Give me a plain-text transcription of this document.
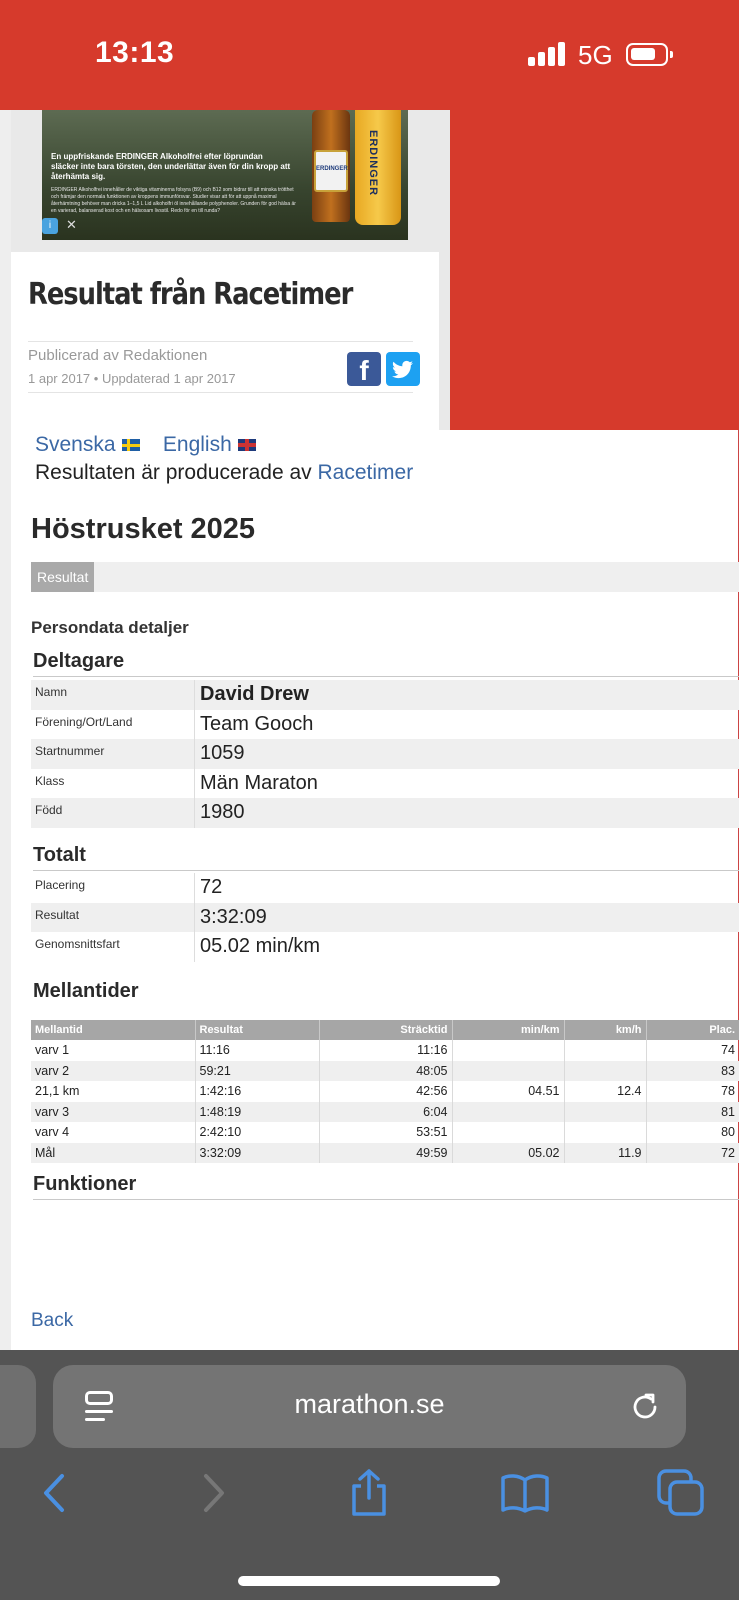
13:13	5G
En uppfriskande ERDINGER Alkoholfrei efter löprundan släcker inte bara törsten, den underlättar även för din kropp att återhämta sig.
ERDINGER Alkoholfrei innehåller de viktiga vitaminerna folsyra (B9) och B12 som bidrar till att minska trötthet och främjar den normala funktionen av kroppens immunförsvar. Studier visar att för att uppnå maximal återhämtning behöver man dricka 1–1,5 L Lid alkoholfri öl innehållande polyphenoler. Grunden för god hälsa är en varierad, balanserad kost och en hälsosam livsstil. Redo för en till runda?
ERDINGER ERDINGER
i	✕
Resultat från Racetimer
Publicerad av Redaktionen
1 apr 2017 • Uppdaterad 1 apr 2017	f
Svenska English
Resultaten är producerade av Racetimer
Höstrusket 2025
Resultat
Persondata detaljer
Deltagare
Namn	David Drew
Förening/Ort/Land	Team Gooch
Startnummer	1059
Klass	Män Maraton
Född	1980
Totalt
Placering	72
Resultat	3:32:09
Genomsnittsfart	05.02 min/km
Mellantider
Mellantid	Resultat	Sträcktid	min/km	km/h	Plac.
varv 1	11:16	11:16			74
varv 2	59:21	48:05			83
21,1 km	1:42:16	42:56	04.51	12.4	78
varv 3	1:48:19	6:04			81
varv 4	2:42:10	53:51			80
Mål	3:32:09	49:59	05.02	11.9	72
Funktioner
Back
marathon.se
